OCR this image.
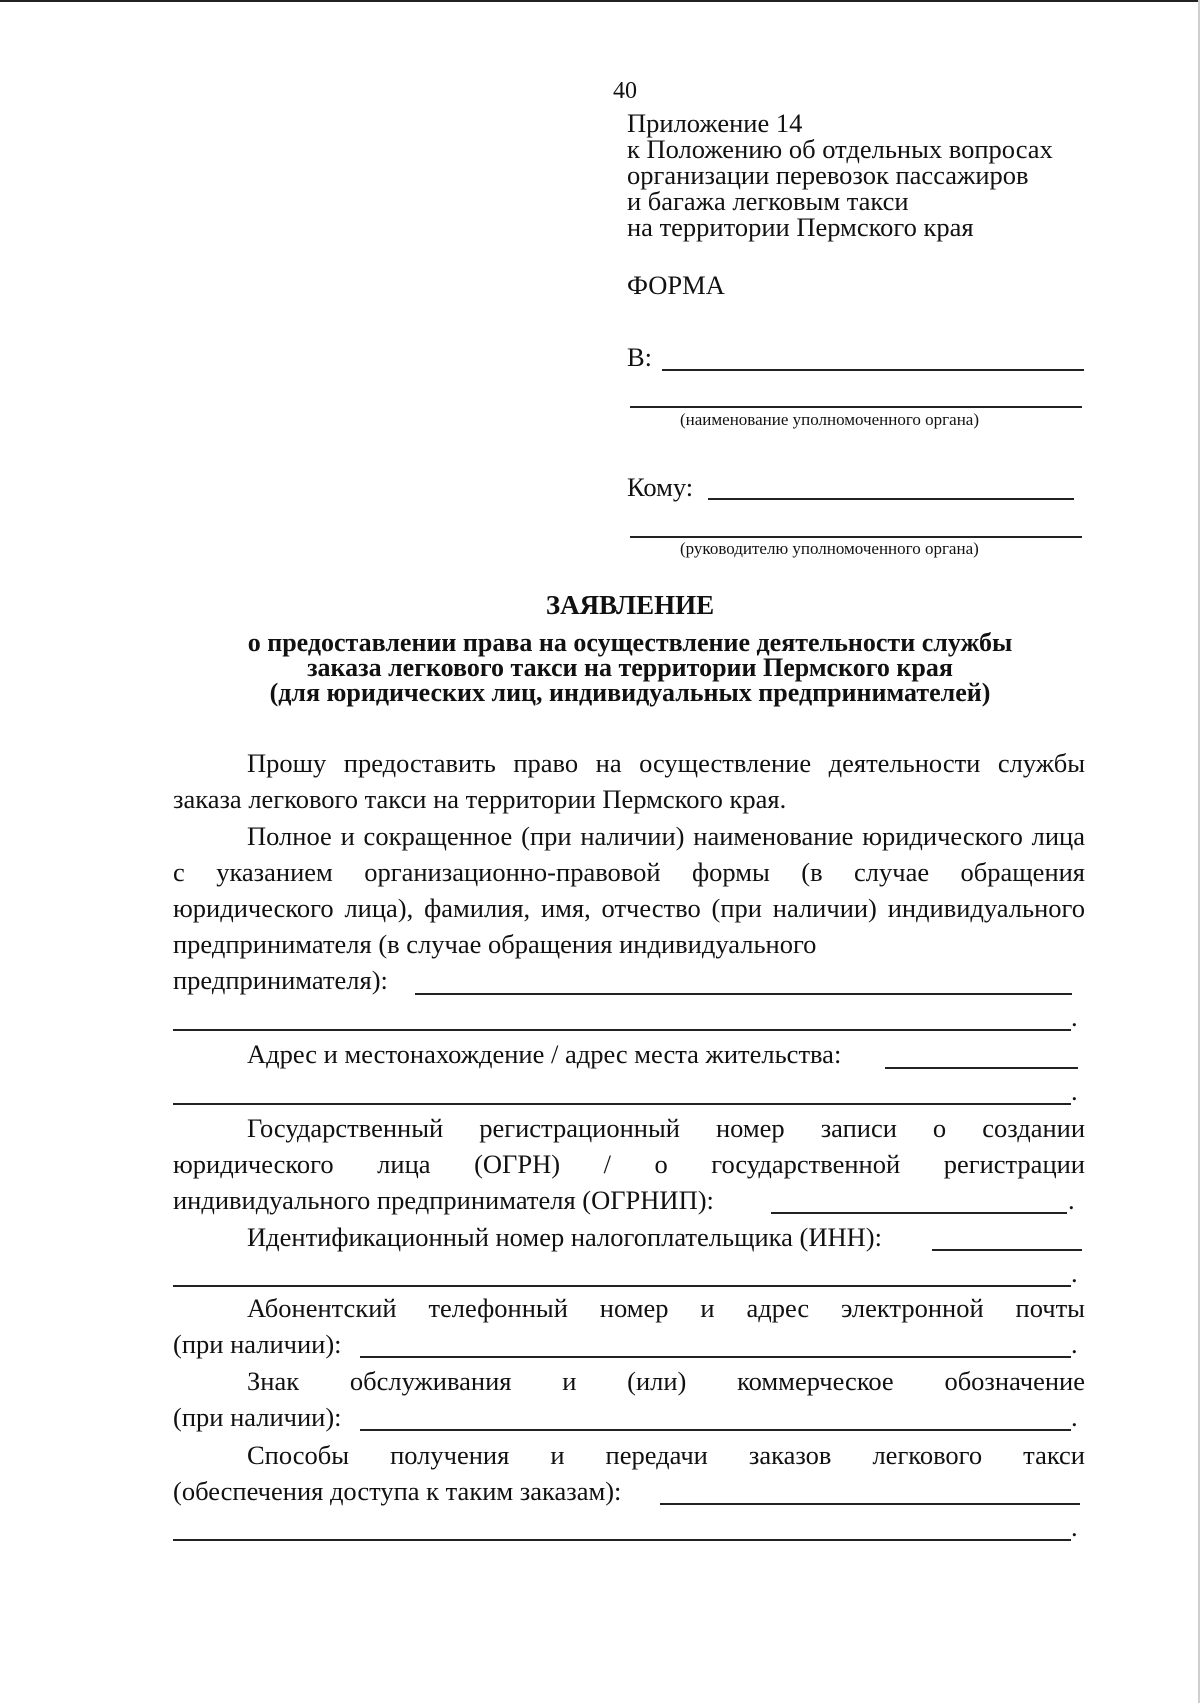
40
Приложение 14
к Положению об отдельных вопросах
организации перевозок пассажиров
и багажа легковым такси
на территории Пермского края
ФОРМА
В:
(наименование уполномоченного органа)
Кому:
(руководителю уполномоченного органа)
ЗАЯВЛЕНИЕ
о предоставлении права на осуществление деятельности службы
заказа легкового такси на территории Пермского края
(для юридических лиц, индивидуальных предпринимателей)
Прошу предоставить право на осуществление деятельности службы заказа легкового такси на территории Пермского края.
Полное и сокращенное (при наличии) наименование юридического лица с указанием организационно-правовой формы (в случае обращения юридического лица), фамилия, имя, отчество (при наличии) индивидуального предпринимателя (в случае обращения индивидуального
предпринимателя):
.
Адрес и местонахождение / адрес места жительства:
.
Государственный регистрационный номер записи о создании юридического лица (ОГРН) / о государственной регистрации
индивидуального предпринимателя (ОГРНИП):	.
Идентификационный номер налогоплательщика (ИНН):
.
Абонентский телефонный номер и адрес электронной почты
(при наличии):	.
Знак обслуживания и (или) коммерческое обозначение
(при наличии):	.
Способы получения и передачи заказов легкового такси
(обеспечения доступа к таким заказам):
.
